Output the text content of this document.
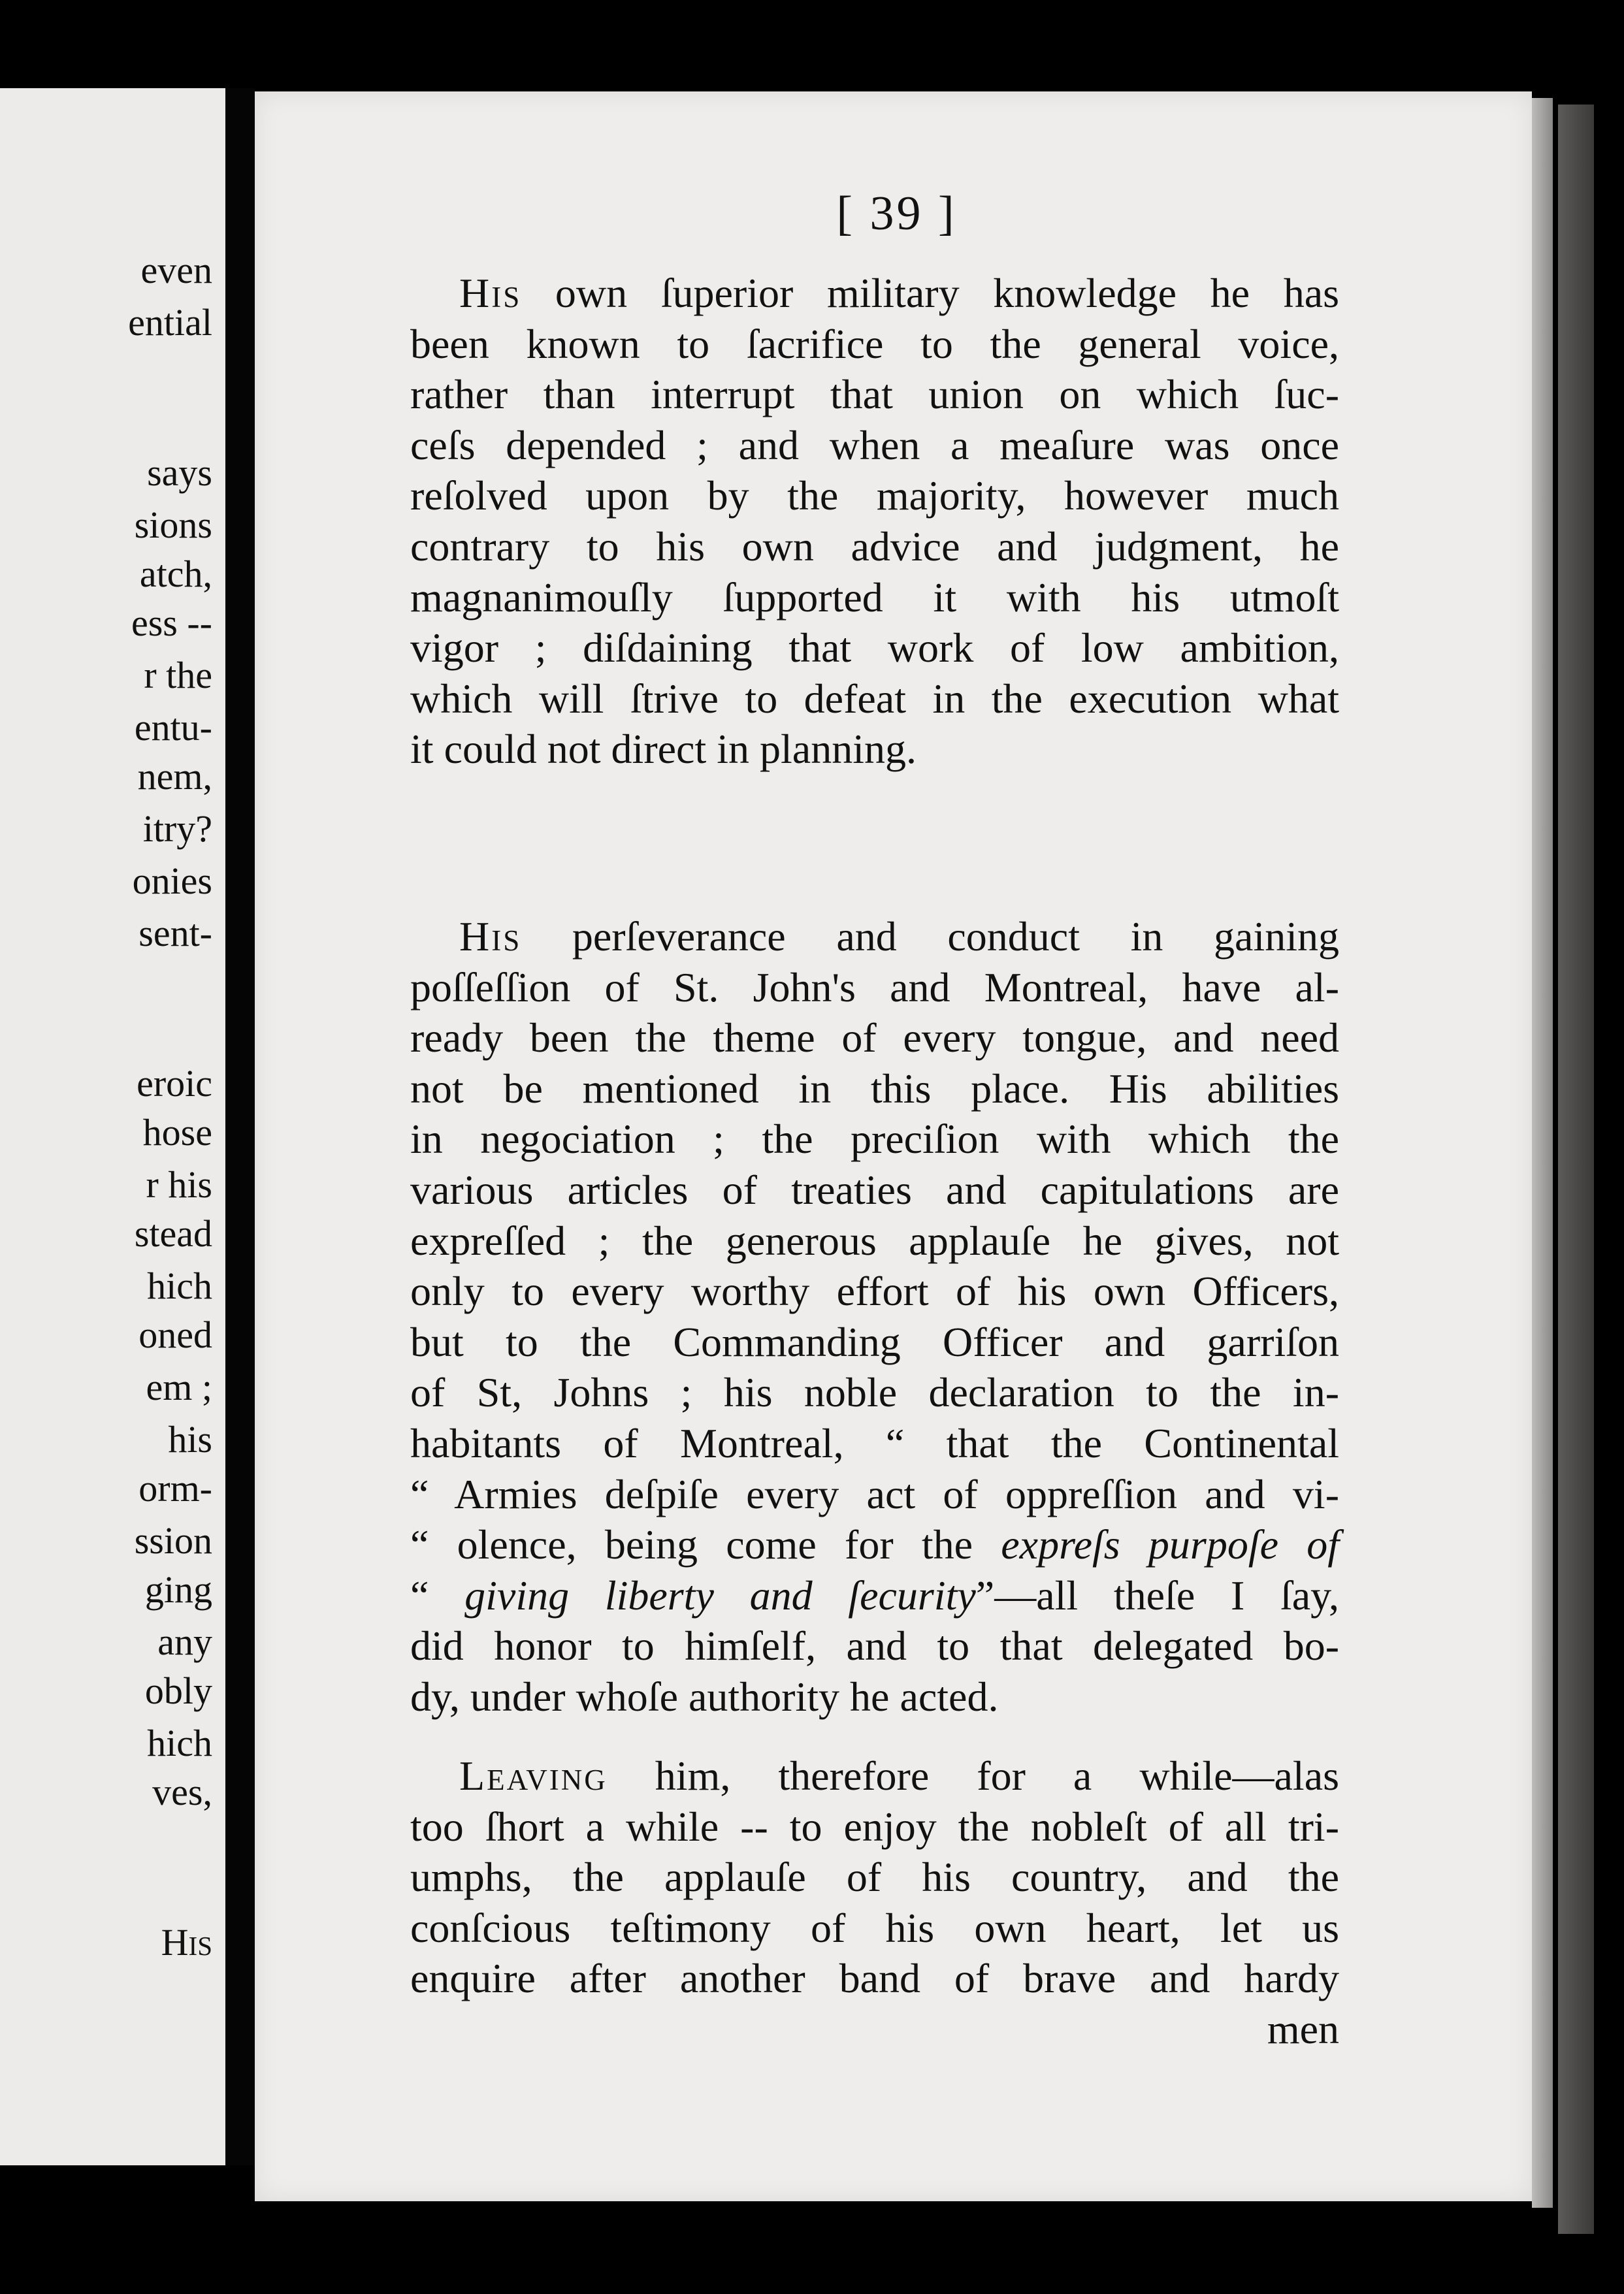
even
ential
says
sions
atch,
ess --
r the
entu-
nem,
itry?
onies
sent-
eroic
hose
r his
stead
hich
oned
em ;
his
orm-
ssion
ging
any
obly
hich
ves,
His
[ 39 ]
His own ſuperior military knowledge he has
been known to ſacrifice to the general voice,
rather than interrupt that union on which ſuc-
ceſs depended ; and when a meaſure was once
reſolved upon by the majority, however much
contrary to his own advice and judgment, he
magnanimouſly ſupported it with his utmoſt
vigor ; diſdaining that work of low ambition,
which will ſtrive to defeat in the execution what
it could not direct in planning.
His perſeverance and conduct in gaining
poſſeſſion of St. John's and Montreal, have al-
ready been the theme of every tongue, and need
not be mentioned in this place. His abilities
in negociation ; the preciſion with which the
various articles of treaties and capitulations are
expreſſed ; the generous applauſe he gives, not
only to every worthy effort of his own Officers,
but to the Commanding Officer and garriſon
of St, Johns ; his noble declaration to the in-
habitants of Montreal, “ that the Continental
“ Armies deſpiſe every act of oppreſſion and vi-
“ olence, being come for the expreſs purpoſe of
“ giving liberty and ſecurity”—all theſe I ſay,
did honor to himſelf, and to that delegated bo-
dy, under whoſe authority he acted.
Leaving him, therefore for a while—alas
too ſhort a while -- to enjoy the nobleſt of all tri-
umphs, the applauſe of his country, and the
conſcious teſtimony of his own heart, let us
enquire after another band of brave and hardy
men
